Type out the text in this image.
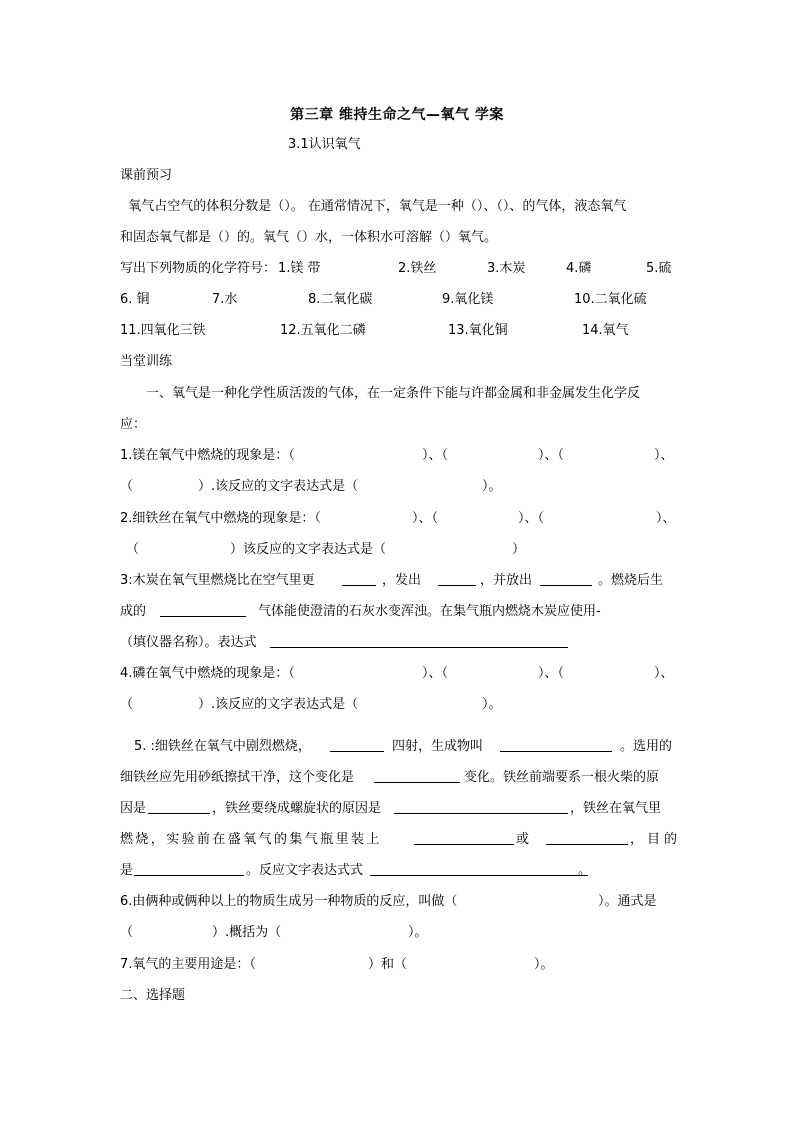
第三章 维持生命之气—氧气 学案
3.1认识氧气
课前预习
氧气占空气的体积分数是（）。 在通常情况下，氧气是一种（）、（）、的气体，液态氧气
和固态氧气都是（）的。氧气（）水，一体积水可溶解（）氧气。
写出下列物质的化学符号： 1.镁 带	2.铁丝	3.木炭	4.磷	5.硫
6. 铜	7.水	8.二氧化碳	9.氧化镁	10.二氧化硫
11.四氧化三铁	12.五氧化二磷	13.氧化铜	14.氧气
当堂训练
一、氧气是一种化学性质活泼的气体，在一定条件下能与许都金属和非金属发生化学反
应：
1.镁在氧气中燃烧的现象是：（	）、（	）、（	）、
（	）.该反应的文字表达式是（	）。
2.细铁丝在氧气中燃烧的现象是：（	）、（	）、（	）、
（	）该反应的文字表达式是（	）
3:木炭在氧气里燃烧比在空气里更	，发出	，并放出	。燃烧后生
成的	气体能使澄清的石灰水变浑浊。在集气瓶内燃烧木炭应使用-
（填仪器名称）。表达式
4.磷在氧气中燃烧的现象是：（	）、（	）、（	）、
（	）.该反应的文字表达式是（	）。
5. :细铁丝在氧气中剧烈燃烧，	四射，生成物叫	。选用的
细铁丝应先用砂纸擦拭干净，这个变化是	变化。铁丝前端要系一根火柴的原
因是	，铁丝要绕成螺旋状的原因是	，铁丝在氧气里
燃烧，实验前在盛氧气的集气瓶里装上	或	，目的
是	。反应文字表达式式	。
6.由俩种或俩种以上的物质生成另一种物质的反应，叫做（	）。通式是
（	）.概括为（	）。
7.氧气的主要用途是：（	）和（	）。
二、选择题
